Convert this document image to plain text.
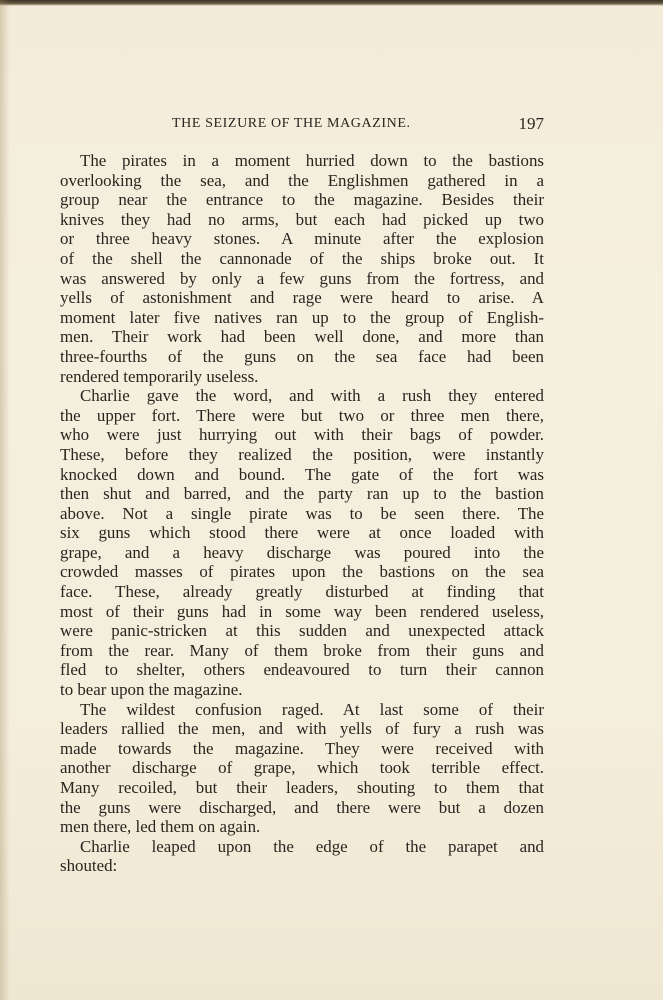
THE SEIZURE OF THE MAGAZINE.	197
The pirates in a moment hurried down to the bastions
overlooking the sea, and the Englishmen gathered in a
group near the entrance to the magazine. Besides their
knives they had no arms, but each had picked up two
or three heavy stones. A minute after the explosion
of the shell the cannonade of the ships broke out. It
was answered by only a few guns from the fortress, and
yells of astonishment and rage were heard to arise. A
moment later five natives ran up to the group of English-
men. Their work had been well done, and more than
three-fourths of the guns on the sea face had been
rendered temporarily useless.
Charlie gave the word, and with a rush they entered
the upper fort. There were but two or three men there,
who were just hurrying out with their bags of powder.
These, before they realized the position, were instantly
knocked down and bound. The gate of the fort was
then shut and barred, and the party ran up to the bastion
above. Not a single pirate was to be seen there. The
six guns which stood there were at once loaded with
grape, and a heavy discharge was poured into the
crowded masses of pirates upon the bastions on the sea
face. These, already greatly disturbed at finding that
most of their guns had in some way been rendered useless,
were panic-stricken at this sudden and unexpected attack
from the rear. Many of them broke from their guns and
fled to shelter, others endeavoured to turn their cannon
to bear upon the magazine.
The wildest confusion raged. At last some of their
leaders rallied the men, and with yells of fury a rush was
made towards the magazine. They were received with
another discharge of grape, which took terrible effect.
Many recoiled, but their leaders, shouting to them that
the guns were discharged, and there were but a dozen
men there, led them on again.
Charlie leaped upon the edge of the parapet and
shouted:
